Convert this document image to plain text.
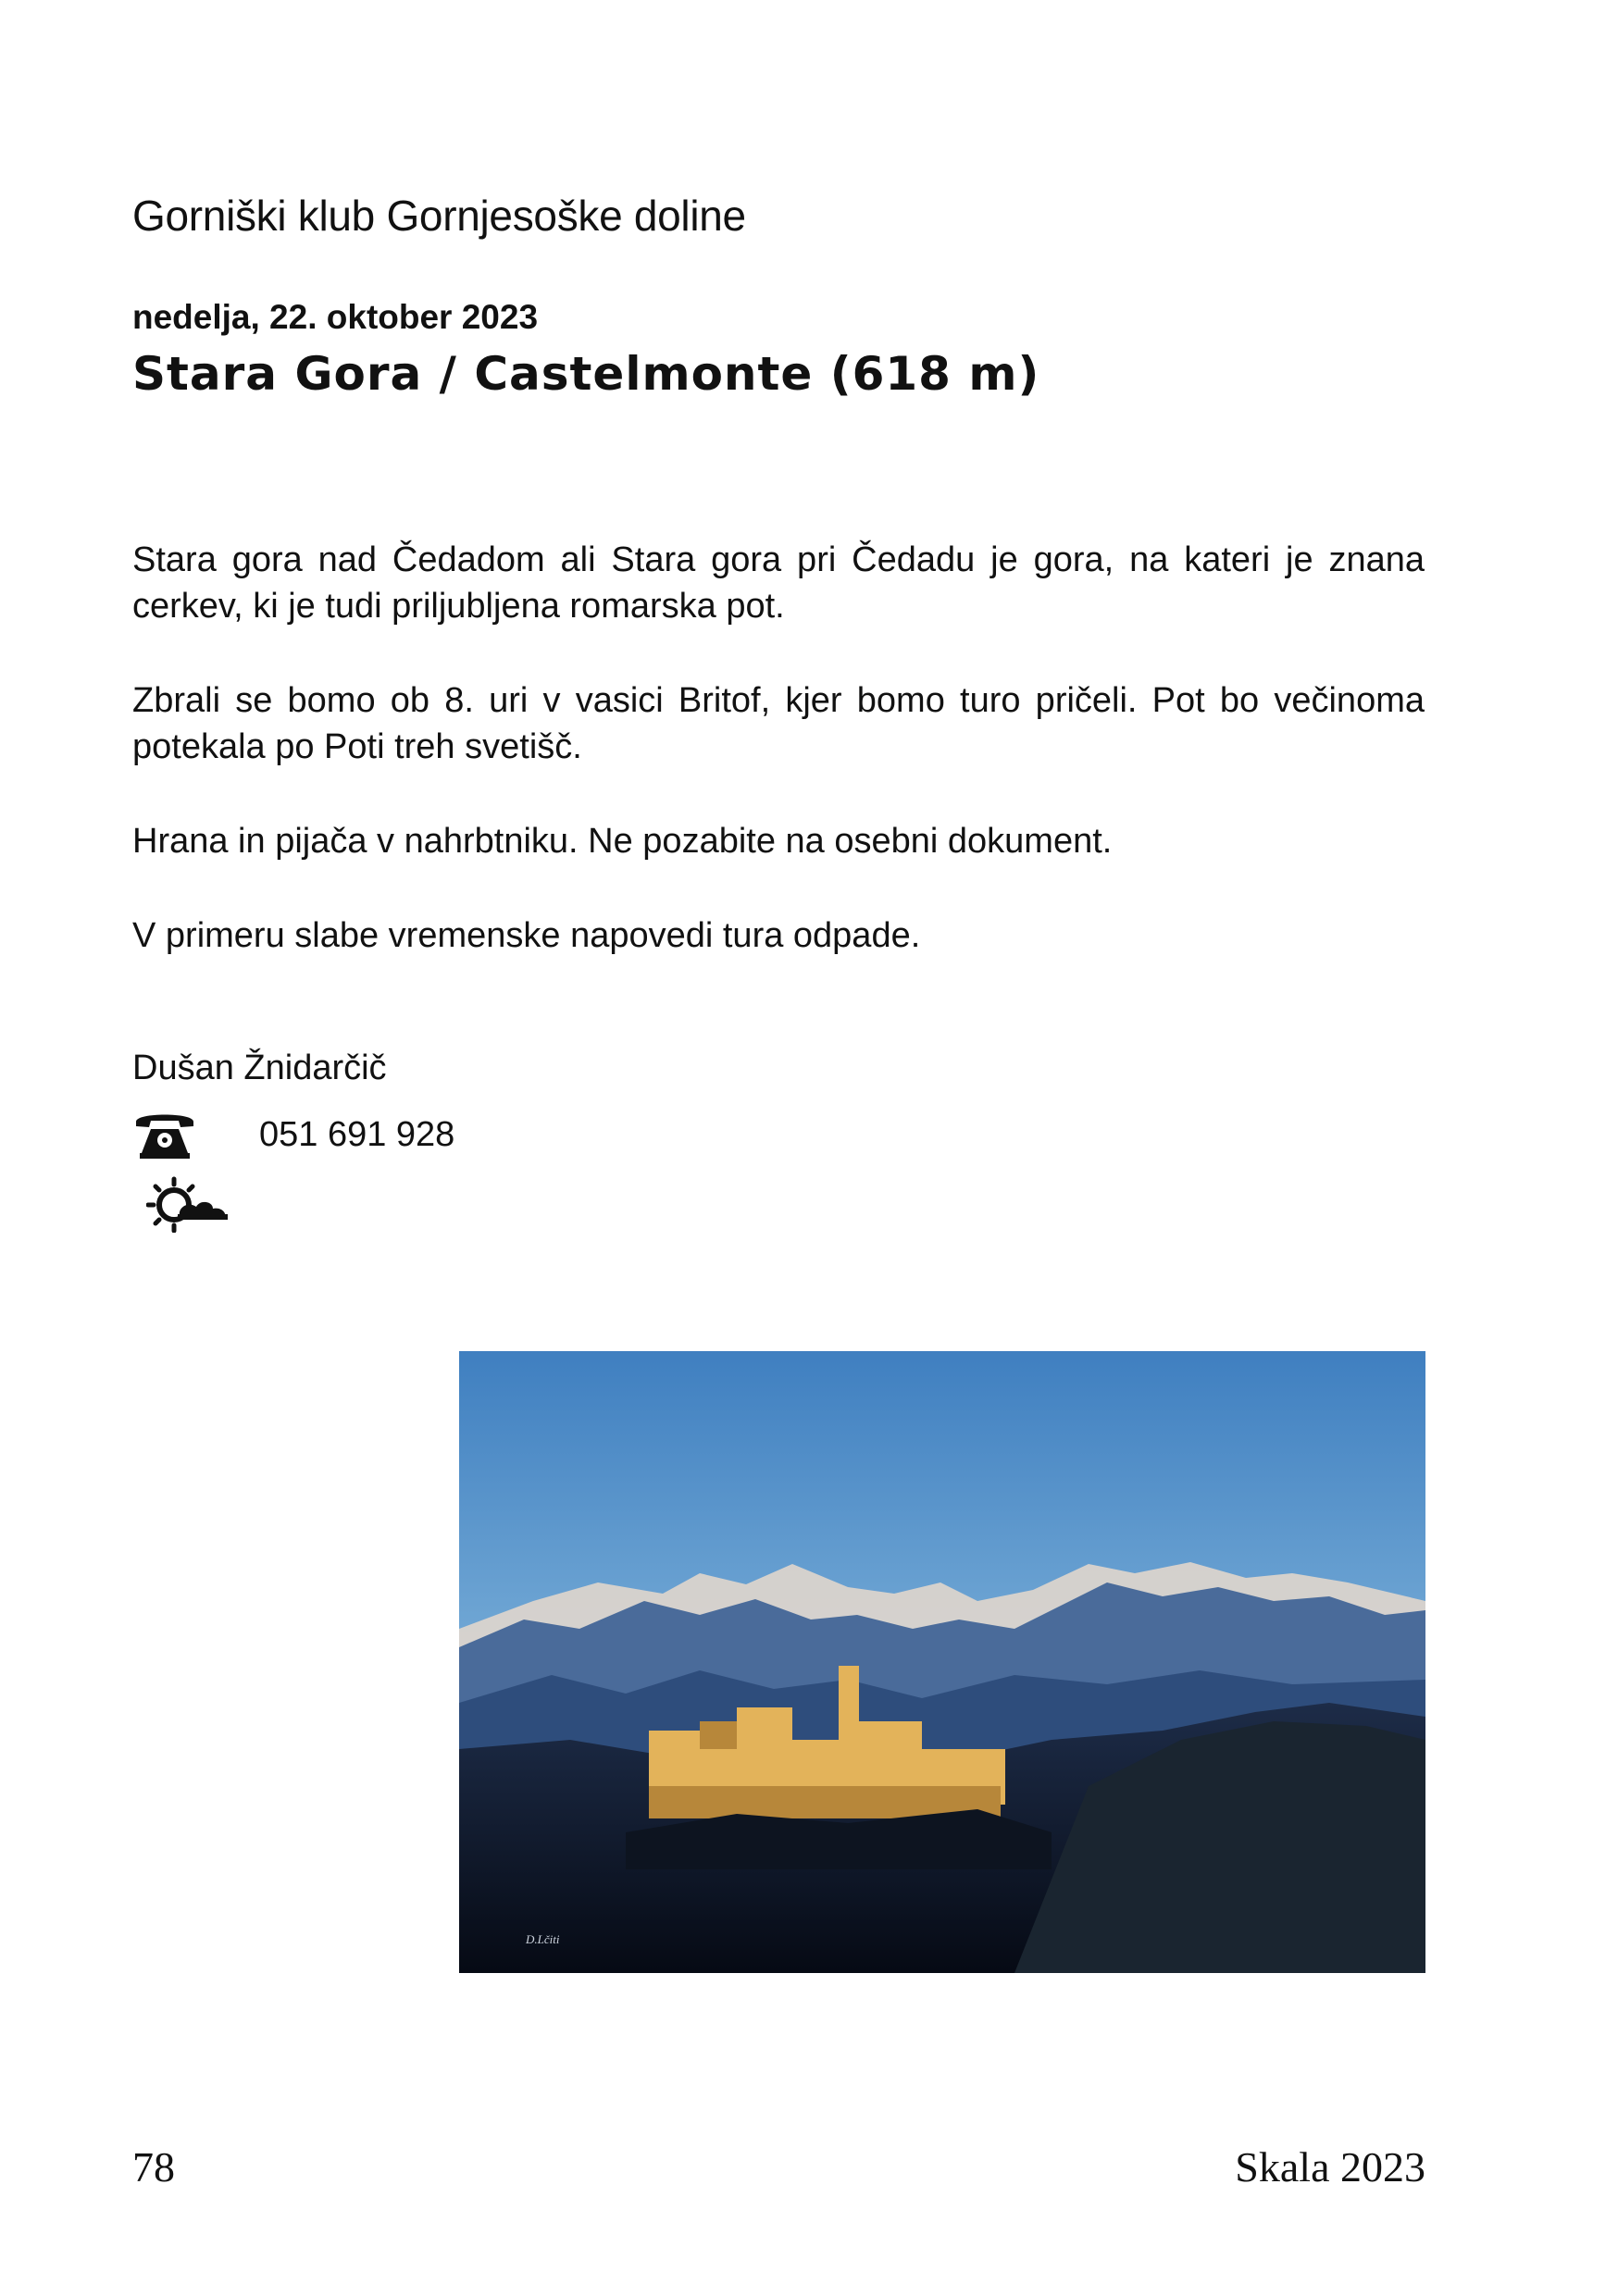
Gorniški klub Gornjesoške doline
nedelja, 22. oktober 2023
Stara Gora / Castelmonte (618 m)
Stara gora nad Čedadom ali Stara gora pri Čedadu je gora, na kateri je znana cerkev, ki je tudi priljubljena romarska pot.
Zbrali se bomo ob 8. uri v vasici Britof, kjer bomo turo pričeli. Pot bo večinoma potekala po Poti treh svetišč.
Hrana in pijača v nahrbtniku. Ne pozabite na osebni dokument.
V primeru slabe vremenske napovedi tura odpade.
Dušan Žnidarčič
051 691 928
D.Lčiti
78	Skala 2023
